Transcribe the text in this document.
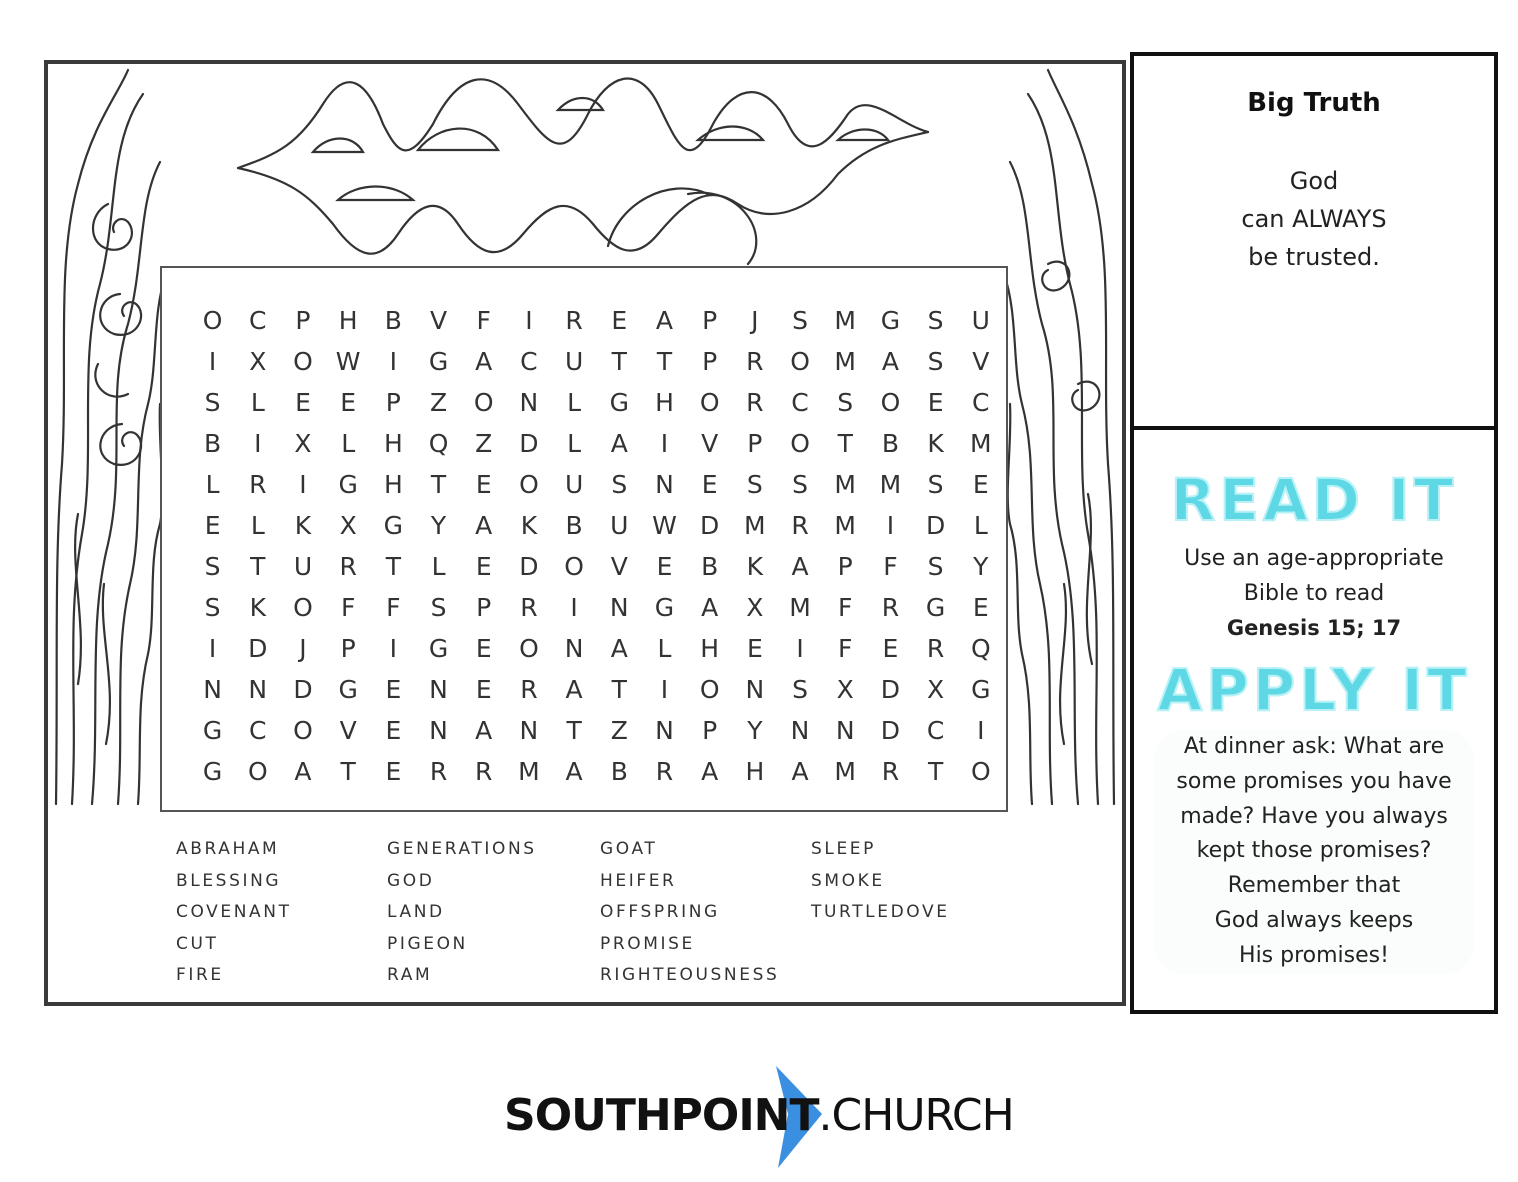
O	C	P	H	B	V	F	I	R	E	A	P	J	S	M G	S	U
I	X	O W	I	G	A	C	U	T	T	P	R	O M	A	S	V
S	L	E	E	P	Z	O	N	L	G	H	O	R	C	S	O	E	C
B	I	X	L	H	Q	Z	D	L	A	I	V	P	O	T	B	K	M
L	R	I	G	H	T	E	O	U	S	N	E	S	S	M M	S	E
E	L	K	X	G	Y	A	K	B	U W D M	R	M	I	D	L
S	T	U	R	T	L	E	D	O	V	E	B	K	A	P	F	S	Y
S	K	O	F	F	S	P	R	I	N	G	A	X	M	F	R	G	E
I	D	J	P	I	G	E	O	N	A	L	H	E	I	F	E	R	Q
N	N	D	G	E	N	E	R	A	T	I	O	N	S	X	D	X	G
G	C	O	V	E	N	A	N	T	Z	N	P	Y	N	N	D	C	I
G	O	A	T	E	R	R	M	A	B	R	A	H	A	M	R	T	O
ABRAHAM	GENERATIONS	GOAT	SLEEP
BLESSING	GOD	HEIFER	SMOKE
COVENANT	LAND	OFFSPRING	TURTLEDOVE
CUT	PIGEON	PROMISE
FIRE	RAM	RIGHTEOUSNESS
Big Truth
God
can ALWAYS
be trusted.
READ IT
Use an age-appropriate
Bible to read
Genesis 15; 17
APPLY IT
At dinner ask: What are
some promises you have
made? Have you always
kept those promises?
Remember that
God always keeps
His promises!
SOUTHPOINT.CHURCH
